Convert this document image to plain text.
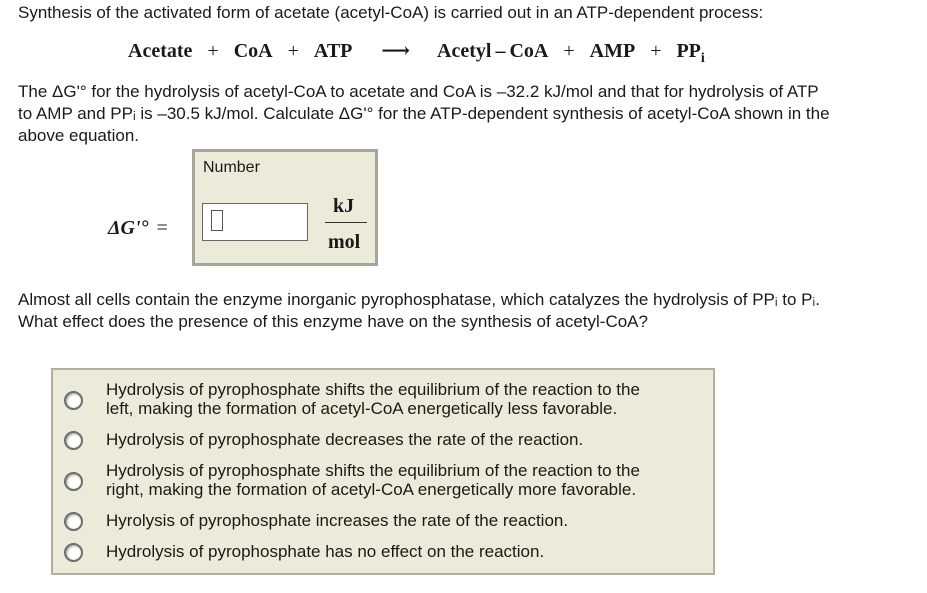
Synthesis of the activated form of acetate (acetyl-CoA) is carried out in an ATP-dependent process:
Acetate + CoA + ATP ⟶ Acetyl – CoA + AMP + PPi
The ΔG'° for the hydrolysis of acetyl-CoA to acetate and CoA is –32.2 kJ/mol and that for hydrolysis of ATP
to AMP and PPᵢ is –30.5 kJ/mol. Calculate ΔG'° for the ATP-dependent synthesis of acetyl-CoA shown in the
above equation.
ΔG'° =
Number
kJ
mol
Almost all cells contain the enzyme inorganic pyrophosphatase, which catalyzes the hydrolysis of PPᵢ to Pᵢ.
What effect does the presence of this enzyme have on the synthesis of acetyl-CoA?
Hydrolysis of pyrophosphate shifts the equilibrium of the reaction to the
left, making the formation of acetyl-CoA energetically less favorable.
Hydrolysis of pyrophosphate decreases the rate of the reaction.
Hydrolysis of pyrophosphate shifts the equilibrium of the reaction to the
right, making the formation of acetyl-CoA energetically more favorable.
Hyrolysis of pyrophosphate increases the rate of the reaction.
Hydrolysis of pyrophosphate has no effect on the reaction.
